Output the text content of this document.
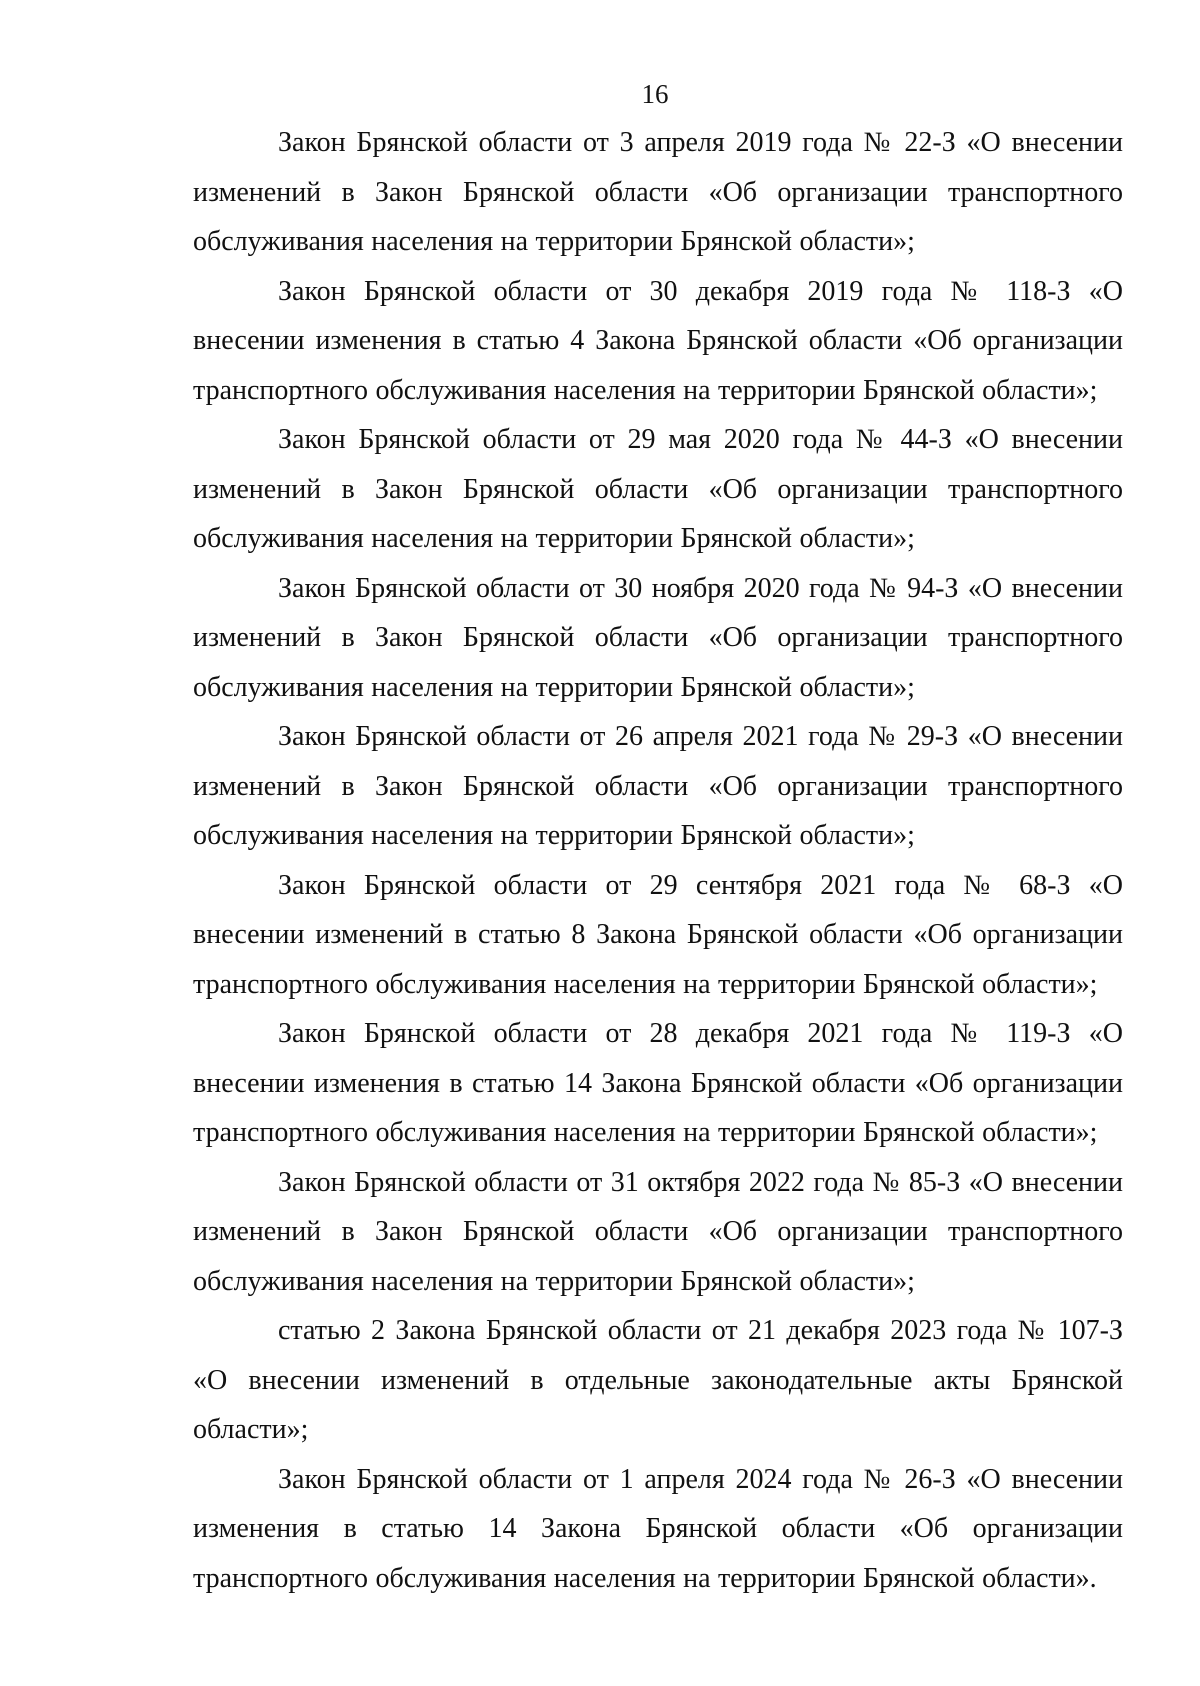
16

Закон Брянской области от 3 апреля 2019 года № 22-З «О внесении изменений в Закон Брянской области «Об организации транспортного обслуживания населения на территории Брянской области»;

Закон Брянской области от 30 декабря 2019 года № 118-З «О внесении изменения в статью 4 Закона Брянской области «Об организации транспортного обслуживания населения на территории Брянской области»;

Закон Брянской области от 29 мая 2020 года № 44-З «О внесении изменений в Закон Брянской области «Об организации транспортного обслуживания населения на территории Брянской области»;

Закон Брянской области от 30 ноября 2020 года № 94-З «О внесении изменений в Закон Брянской области «Об организации транспортного обслуживания населения на территории Брянской области»;

Закон Брянской области от 26 апреля 2021 года № 29-З «О внесении изменений в Закон Брянской области «Об организации транспортного обслуживания населения на территории Брянской области»;

Закон Брянской области от 29 сентября 2021 года № 68-З «О внесении изменений в статью 8 Закона Брянской области «Об организации транспортного обслуживания населения на территории Брянской области»;

Закон Брянской области от 28 декабря 2021 года № 119-З «О внесении изменения в статью 14 Закона Брянской области «Об организации транспортного обслуживания населения на территории Брянской области»;

Закон Брянской области от 31 октября 2022 года № 85-З «О внесении изменений в Закон Брянской области «Об организации транспортного обслуживания населения на территории Брянской области»;

статью 2 Закона Брянской области от 21 декабря 2023 года № 107-З «О внесении изменений в отдельные законодательные акты Брянской области»;

Закон Брянской области от 1 апреля 2024 года № 26-З «О внесении изменения в статью 14 Закона Брянской области «Об организации транспортного обслуживания населения на территории Брянской области».
